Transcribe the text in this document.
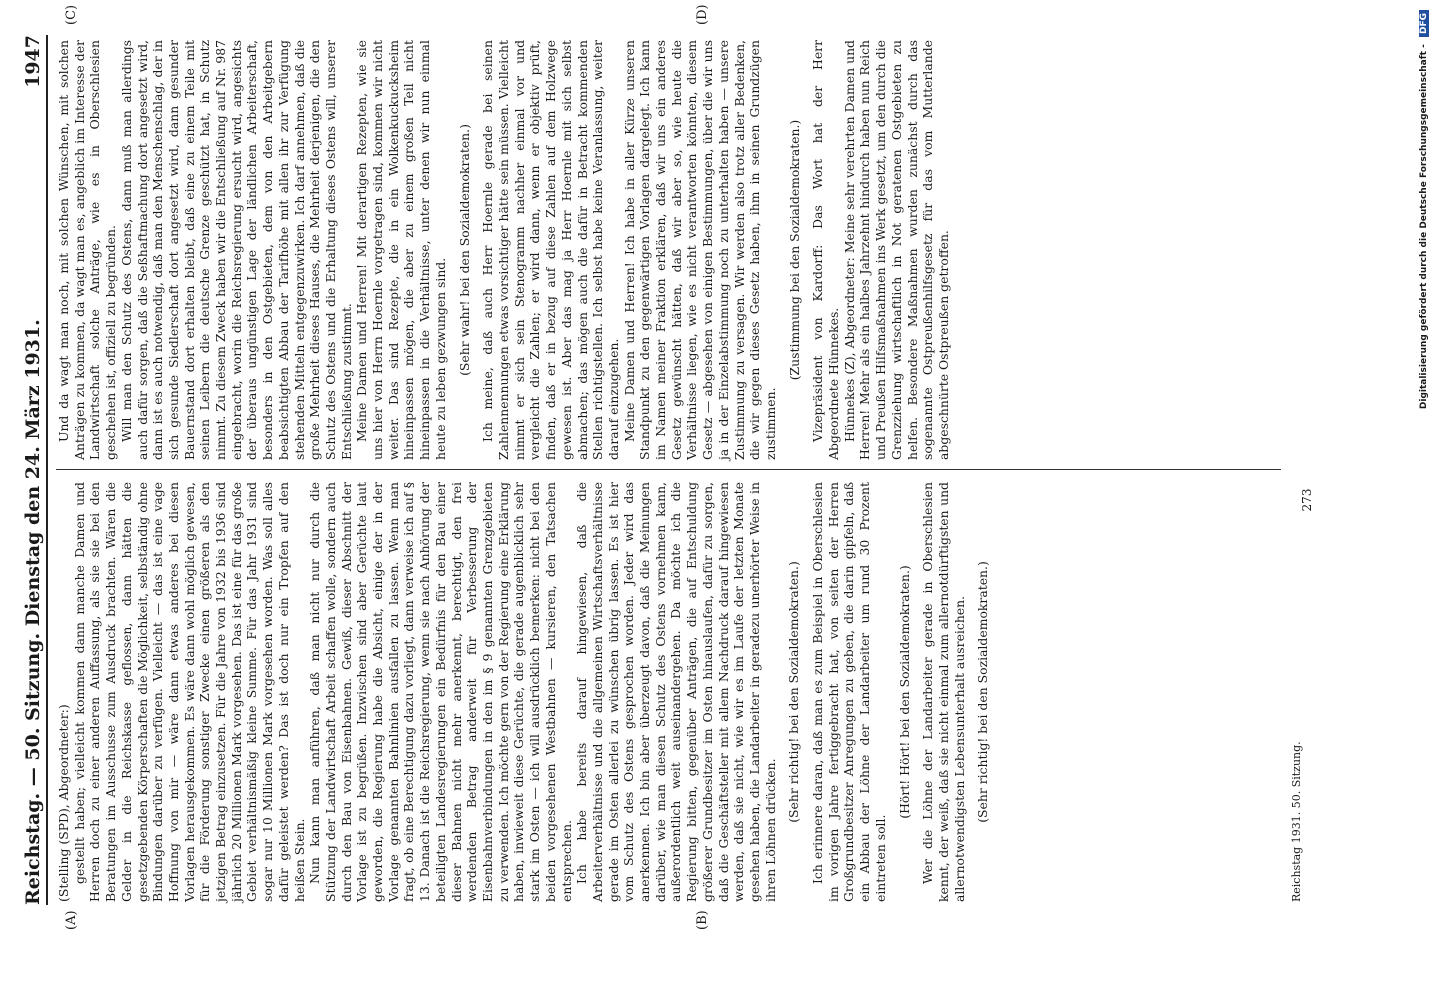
Reichstag. — 50. Sitzung. Dienstag den 24. März 1931.
1947
(A)	(B)
(C)	(D)

(Stelling (SPD), Abgeordneter:) gestellt haben; vielleicht kommen dann manche Damen und Herren doch zu einer anderen Auffassung, als sie sie bei den Beratungen im Ausschusse zum Ausdruck brachten. Wären die Gelder in die Reichskasse geflossen, dann hätten die gesetzgebenden Körperschaften die Möglichkeit, selbständig ohne Bindungen darüber zu verfügen. Vielleicht — das ist eine vage Hoffnung von mir — wäre dann etwas anderes bei diesen Vorlagen herausgekommen. Es wäre dann wohl möglich gewesen, für die Förderung sonstiger Zwecke einen größeren als den jetzigen Betrag einzusetzen. Für die Jahre von 1932 bis 1936 sind jährlich 20 Millionen Mark vorgesehen. Das ist eine für das große Gebiet verhältnismäßig kleine Summe. Für das Jahr 1931 sind sogar nur 10 Millionen Mark vorgesehen worden. Was soll alles dafür geleistet werden? Das ist doch nur ein Tropfen auf den heißen Stein. Nun kann man anführen, daß man nicht nur durch die Stützung der Landwirtschaft Arbeit schaffen wolle, sondern auch durch den Bau von Eisenbahnen. Gewiß, dieser Abschnitt der Vorlage ist zu begrüßen. Inzwischen sind aber Gerüchte laut geworden, die Regierung habe die Absicht, einige der in der Vorlage genannten Bahnlinien ausfallen zu lassen. Wenn man fragt, ob eine Berechtigung dazu vorliegt, dann verweise ich auf § 13. Danach ist die Reichsregierung, wenn sie nach Anhörung der beteiligten Landesregierungen ein Bedürfnis für den Bau einer dieser Bahnen nicht mehr anerkennt, berechtigt, den frei werdenden Betrag anderweit für Verbesserung der Eisenbahnverbindungen in den im § 9 genannten Grenzgebieten zu verwenden. Ich möchte gern von der Regierung eine Erklärung haben, inwieweit diese Gerüchte, die gerade augenblicklich sehr stark im Osten — ich will ausdrücklich bemerken: nicht bei den beiden vorgesehenen Westbahnen — kursieren, den Tatsachen entsprechen. Ich habe bereits darauf hingewiesen, daß die Arbeiterverhältnisse und die allgemeinen Wirtschaftsverhältnisse gerade im Osten allerlei zu wünschen übrig lassen. Es ist hier vom Schutz des Ostens gesprochen worden. Jeder wird das anerkennen. Ich bin aber überzeugt davon, daß die Meinungen darüber, wie man diesen Schutz des Ostens vornehmen kann, außerordentlich weit auseinandergehen. Da möchte ich die Regierung bitten, gegenüber Anträgen, die auf Entschuldung größerer Grundbesitzer im Osten hinauslaufen, dafür zu sorgen, daß die Geschäftsteller mit allem Nachdruck darauf hingewiesen werden, daß sie nicht, wie wir es im Laufe der letzten Monate gesehen haben, die Landarbeiter in geradezu unerhörter Weise in ihren Löhnen drücken.

(Sehr richtig! bei den Sozialdemokraten.) Ich erinnere daran, daß man es zum Beispiel in Oberschlesien im vorigen Jahre fertiggebracht hat, von seiten der Herren Großgrundbesitzer Anregungen zu geben, die darin gipfeln, daß ein Abbau der Löhne der Landarbeiter um rund 30 Prozent eintreten soll.

(Hört! Hört! bei den Sozialdemokraten.) Wer die Löhne der Landarbeiter gerade in Oberschlesien kennt, der weiß, daß sie nicht einmal zum allernotdürftigsten und allernotwendigsten Lebensunterhalt ausreichen. (Sehr richtig! bei den Sozialdemokraten.)

Und da wagt man noch, mit solchen Wünschen, mit solchen Anträgen zu kommen, da wagt man es, angeblich im Interesse der Landwirtschaft solche Anträge, wie es in Oberschlesien geschehen ist, offiziell zu begründen. Will man den Schutz des Ostens, dann muß man allerdings auch dafür sorgen, daß die Seßhaftmachung dort angesetzt wird, dann ist es auch notwendig, daß man den Menschenschlag, der in sich gesunde Siedlerschaft dort angesetzt wird, dann gesunder Bauernstand dort erhalten bleibt, daß eine zu einem Teile mit seinen Leibern die deutsche Grenze geschützt hat, in Schutz nimmt. Zu diesem Zweck haben wir die Entschließung auf Nr. 987 eingebracht, worin die Reichsregierung ersucht wird, angesichts der überaus ungünstigen Lage der ländlichen Arbeiterschaft, besonders in den Ostgebieten, dem von den Arbeitgebern beabsichtigten Abbau der Tarifhöhe mit allen ihr zur Verfügung stehenden Mitteln entgegenzuwirken. Ich darf annehmen, daß die große Mehrheit dieses Hauses, die Mehrheit derjenigen, die den Schutz des Ostens und die Erhaltung dieses Ostens will, unserer Entschließung zustimmt. Meine Damen und Herren! Mit derartigen Rezepten, wie sie uns hier von Herrn Hoernle vorgetragen sind, kommen wir nicht weiter. Das sind Rezepte, die in ein Wolkenkuckucksheim hineinpassen mögen, die aber zu einem großen Teil nicht hineinpassen in die Verhältnisse, unter denen wir nun einmal heute zu leben gezwungen sind. (Sehr wahr! bei den Sozialdemokraten.) Ich meine, daß auch Herr Hoernle gerade bei seinen Zahlennennungen etwas vorsichtiger hätte sein müssen. Vielleicht nimmt er sich sein Stenogramm nachher einmal vor und vergleicht die Zahlen; er wird dann, wenn er objektiv prüft, finden, daß er in bezug auf diese Zahlen auf dem Holzwege gewesen ist. Aber das mag ja Herr Hoernle mit sich selbst abmachen; das mögen auch die dafür in Betracht kommenden Stellen richtigstellen. Ich selbst habe keine Veranlassung, weiter darauf einzugehen. Meine Damen und Herren! Ich habe in aller Kürze unseren Standpunkt zu den gegenwärtigen Vorlagen dargelegt. Ich kann im Namen meiner Fraktion erklären, daß wir uns ein anderes Gesetz gewünscht hätten, daß wir aber so, wie heute die Verhältnisse liegen, wie es nicht verantworten könnten, diesem Gesetz — abgesehen von einigen Bestimmungen, über die wir uns ja in der Einzelabstimmung noch zu unterhalten haben — unsere Zustimmung zu versagen. Wir werden also trotz aller Bedenken, die wir gegen dieses Gesetz haben, ihm in seinen Grundzügen zustimmen.

(Zustimmung bei den Sozialdemokraten.) Vizepräsident von Kardorff: Das Wort hat der Herr Abgeordnete Hünnekes. Hünnekes (Z), Abgeordneter: Meine sehr verehrten Damen und Herren! Mehr als ein halbes Jahrzehnt hindurch haben nun Reich und Preußen Hilfsmaßnahmen ins Werk gesetzt, um den durch die Grenzziehung wirtschaftlich in Not geratenen Ostgebieten zu helfen. Besondere Maßnahmen wurden zunächst durch das sogenannte Ostpreußenhilfsgesetz für das vom Mutterlande abgeschnürte Ostpreußen getroffen.

Reichstag 1931. 50. Sitzung.
273
Digitalisierung gefördert durch die Deutsche Forschungsgemeinschaft - DFG
